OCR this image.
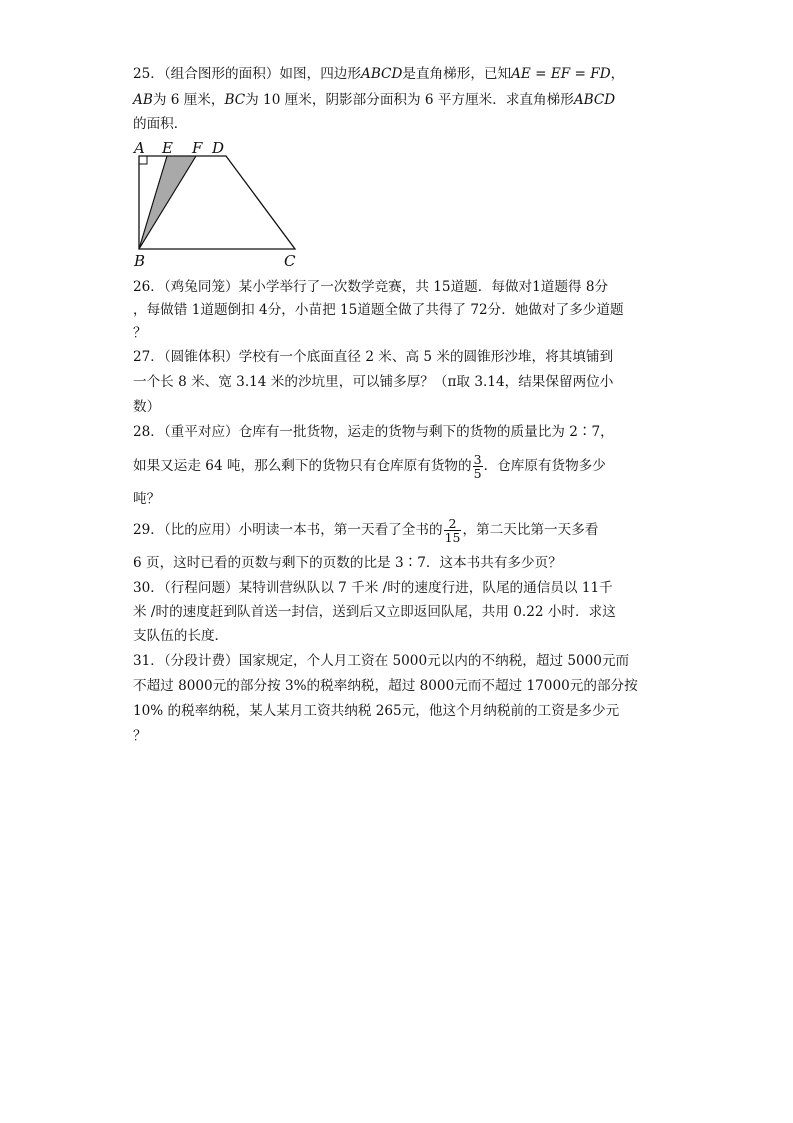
25．（组合图形的面积）如图，四边形ABCD是直角梯形，已知AE = EF = FD，
AB为 6 厘米，BC为 10 厘米，阴影部分面积为 6 平方厘米．求直角梯形ABCD
的面积．
A E F D
B	C
26．（鸡兔同笼）某小学举行了一次数学竞赛，共 15道题．每做对1道题得 8分
，每做错 1道题倒扣 4分，小苗把 15道题全做了共得了 72分．她做对了多少道题
？
27．（圆锥体积）学校有一个底面直径 2 米、高 5 米的圆锥形沙堆，将其填铺到
一个长 8 米、宽 3.14 米的沙坑里，可以铺多厚？（π取 3.14，结果保留两位小
数）
28．（重平对应）仓库有一批货物，运走的货物与剩下的货物的质量比为 2∶7，
如果又运走 64 吨，那么剩下的货物只有仓库原有货物的 $\frac{3}{5}$ ．仓库原有货物多少
吨？
29．（比的应用）小明读一本书，第一天看了全书的 $\frac{2}{15}$ ，第二天比第一天多看
6 页，这时已看的页数与剩下的页数的比是 3∶7．这本书共有多少页？
30．（行程问题）某特训营纵队以 7 千米 /时的速度行进，队尾的通信员以 11千
米 /时的速度赶到队首送一封信，送到后又立即返回队尾，共用 0.22 小时．求这
支队伍的长度．
31．（分段计费）国家规定，个人月工资在 5000元以内的不纳税，超过 5000元而
不超过 8000元的部分按 3%的税率纳税，超过 8000元而不超过 17000元的部分按
10% 的税率纳税，某人某月工资共纳税 265元，他这个月纳税前的工资是多少元
？
